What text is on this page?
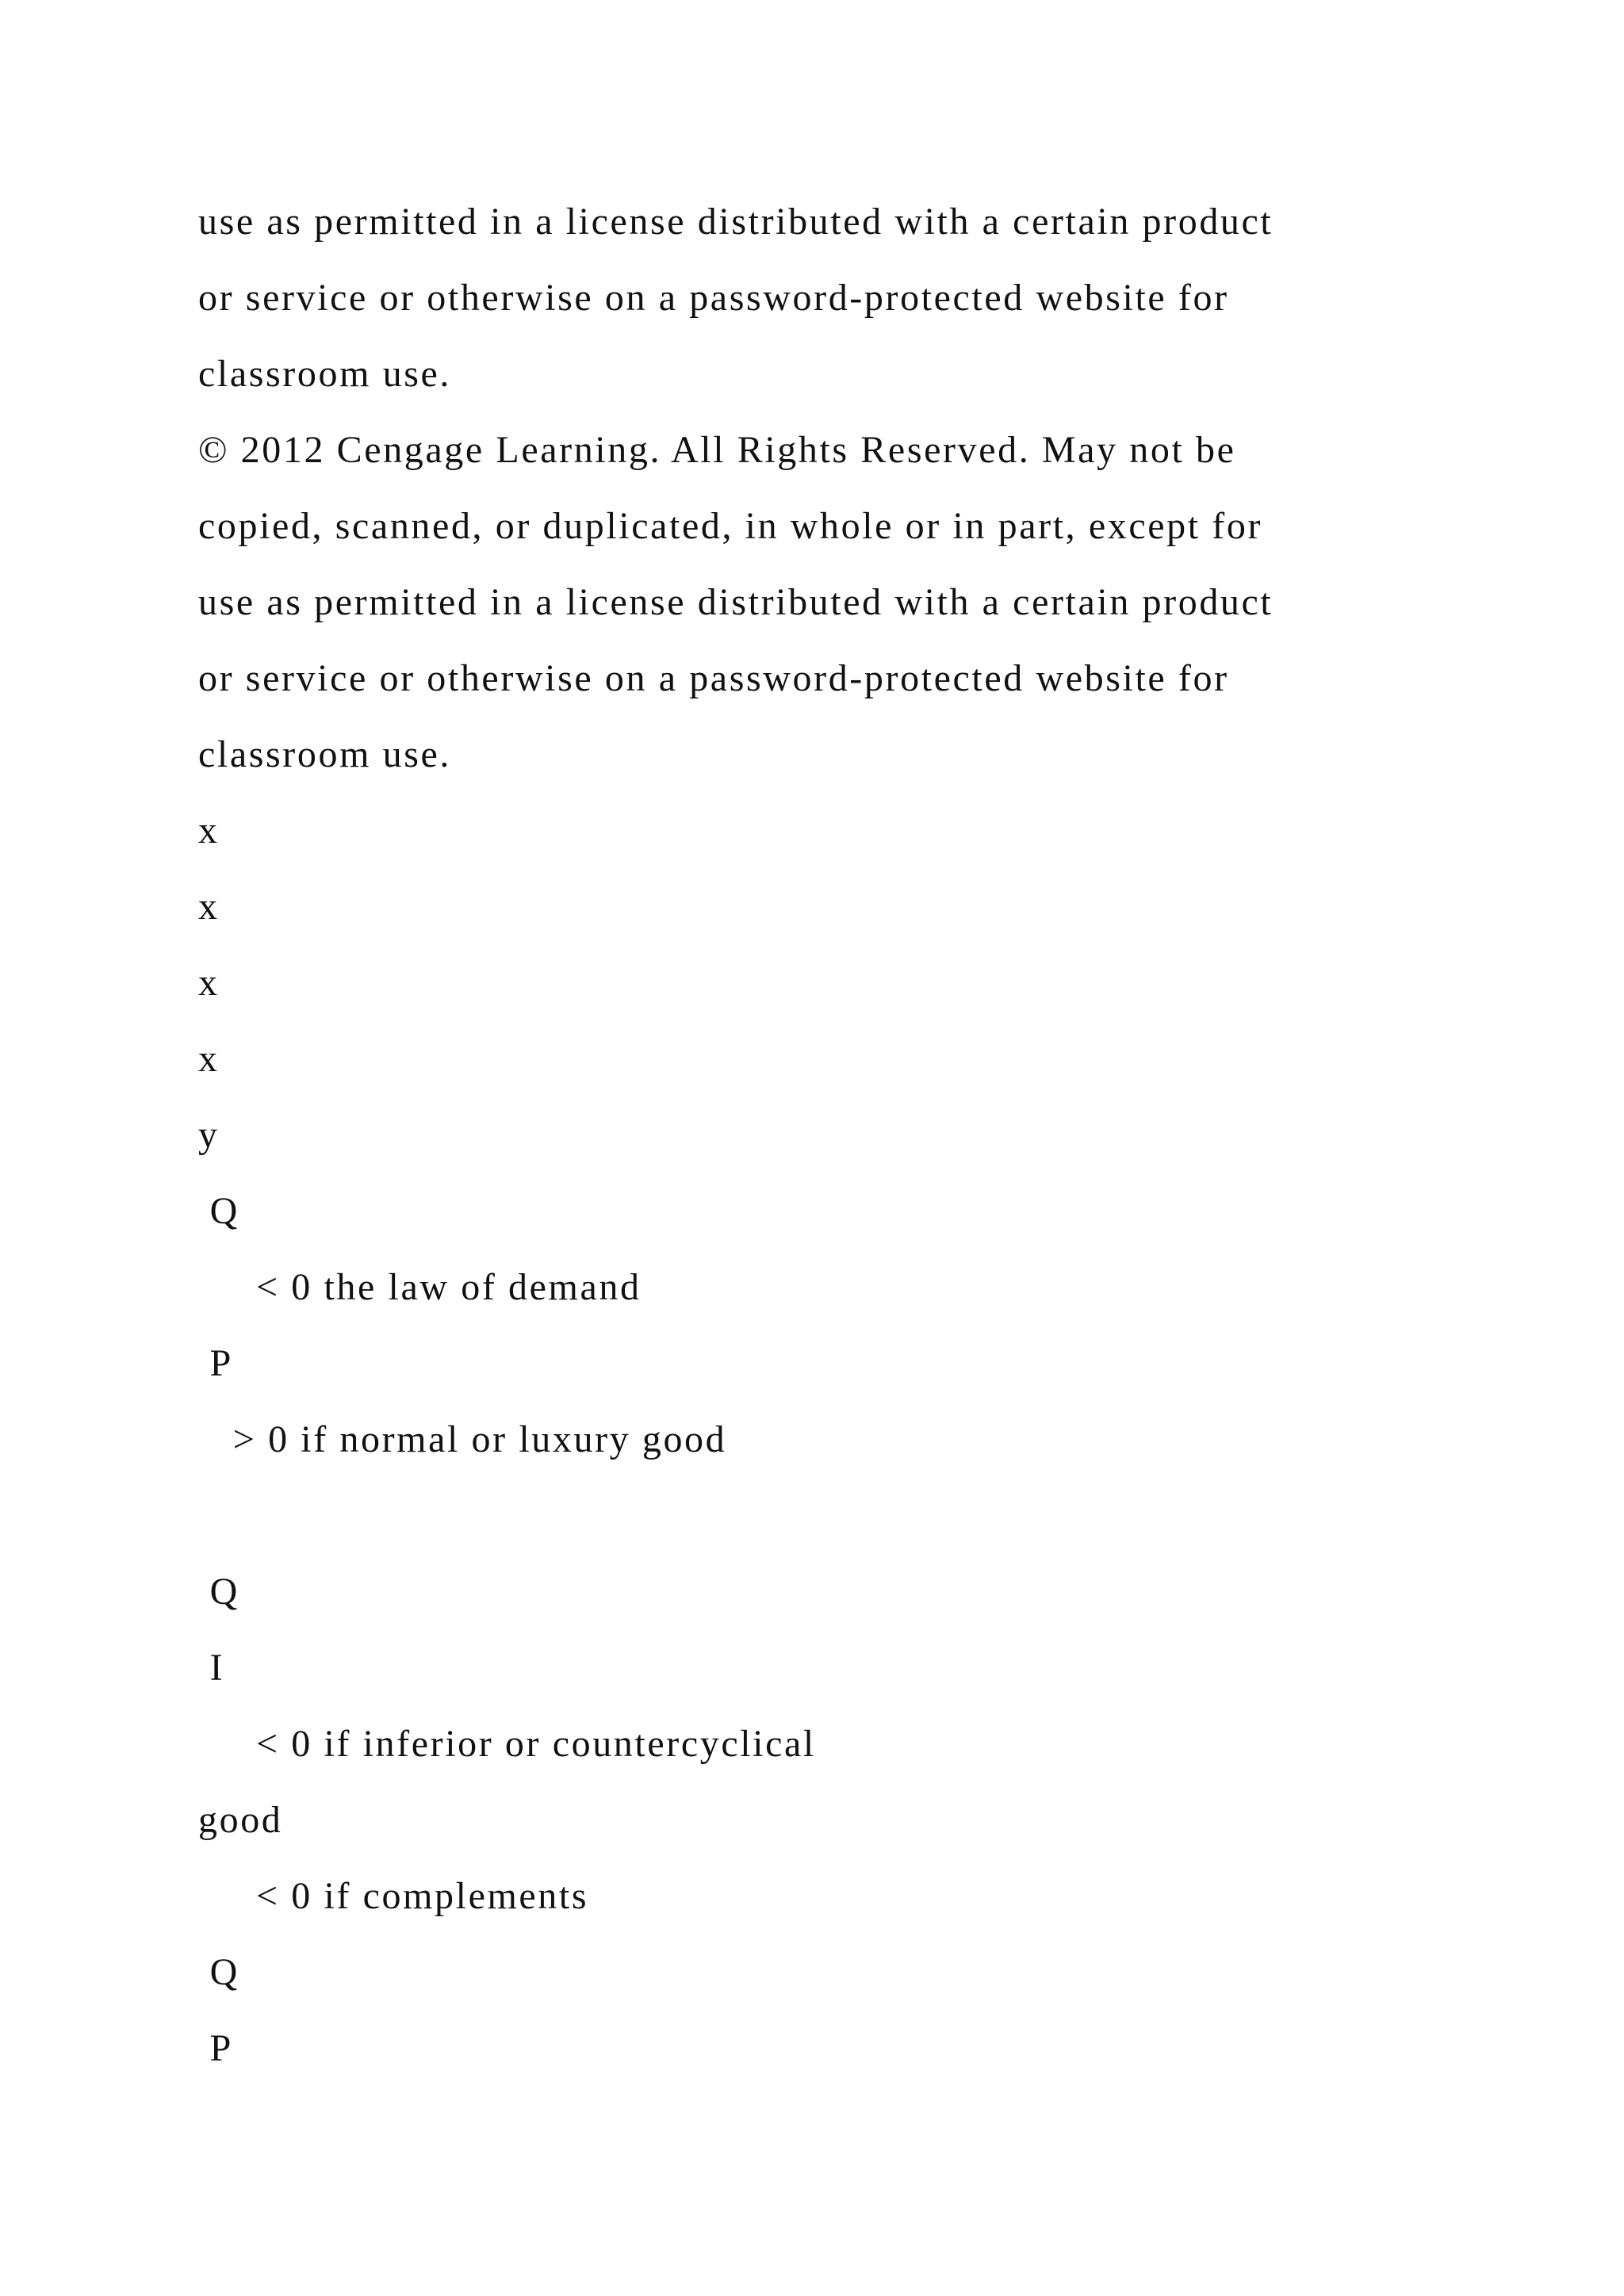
use as permitted in a license distributed with a certain product

or service or otherwise on a password-protected website for

classroom use.

© 2012 Cengage Learning. All Rights Reserved. May not be

copied, scanned, or duplicated, in whole or in part, except for

use as permitted in a license distributed with a certain product

or service or otherwise on a password-protected website for

classroom use.

x

x

x

x

y

Q

< 0 the law of demand

P

> 0 if normal or luxury good

Q

I

< 0 if inferior or countercyclical

good

< 0 if complements

Q

P
